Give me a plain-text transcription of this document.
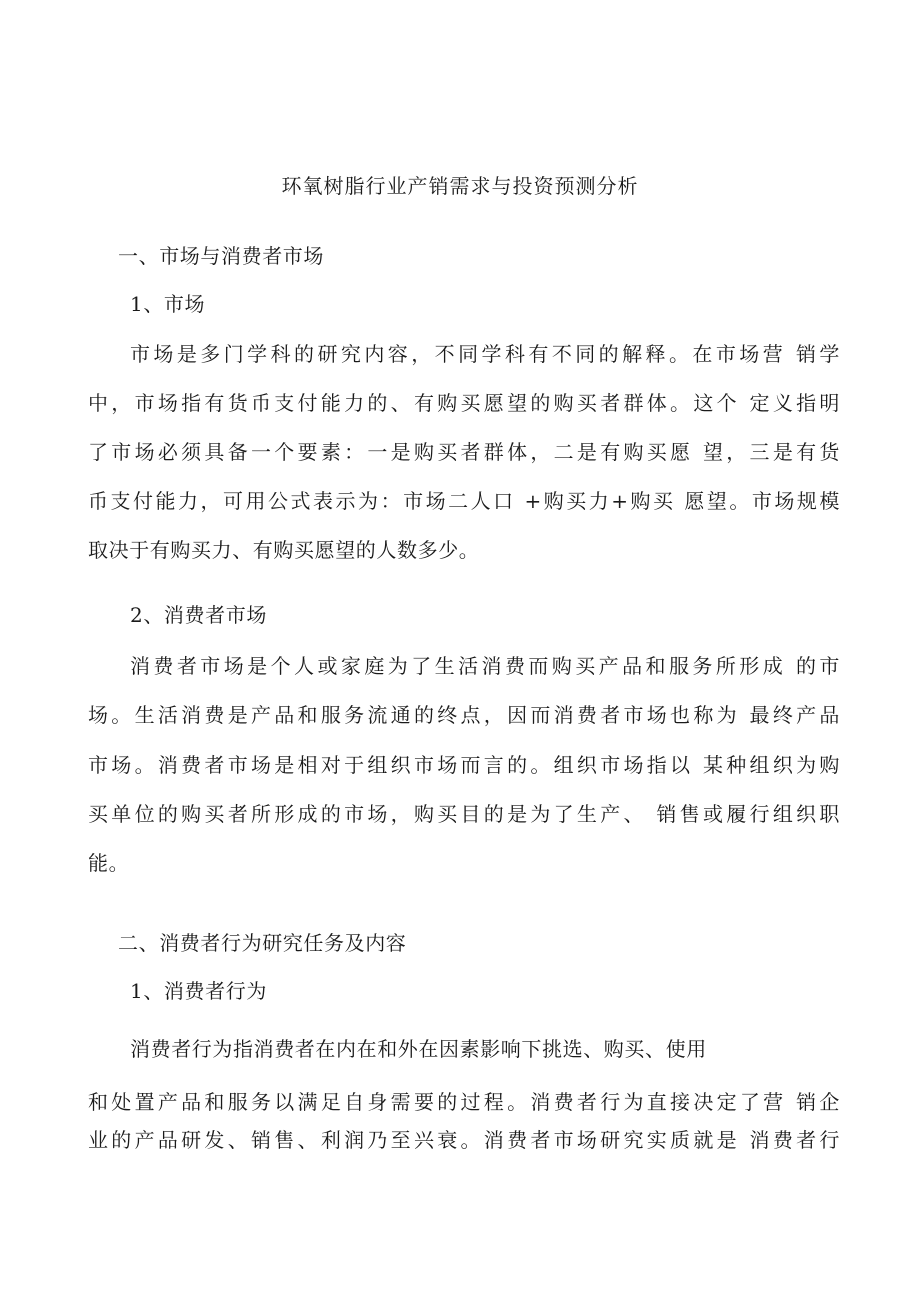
环氧树脂行业产销需求与投资预测分析
一、市场与消费者市场
1、市场
市场是多门学科的研究内容，不同学科有不同的解释。在市场营 销学
中，市场指有货币支付能力的、有购买愿望的购买者群体。这个 定义指明
了市场必须具备一个要素：一是购买者群体，二是有购买愿 望，三是有货
币支付能力，可用公式表示为：市场二人口 +购买力+购买 愿望。市场规模
取决于有购买力、有购买愿望的人数多少。
2、消费者市场
消费者市场是个人或家庭为了生活消费而购买产品和服务所形成 的市
场。生活消费是产品和服务流通的终点，因而消费者市场也称为 最终产品
市场。消费者市场是相对于组织市场而言的。组织市场指以 某种组织为购
买单位的购买者所形成的市场，购买目的是为了生产、 销售或履行组织职
能。
二、消费者行为研究任务及内容
1、消费者行为
消费者行为指消费者在内在和外在因素影响下挑选、购买、使用
和处置产品和服务以满足自身需要的过程。消费者行为直接决定了营 销企
业的产品研发、销售、利润乃至兴衰。消费者市场研究实质就是 消费者行
